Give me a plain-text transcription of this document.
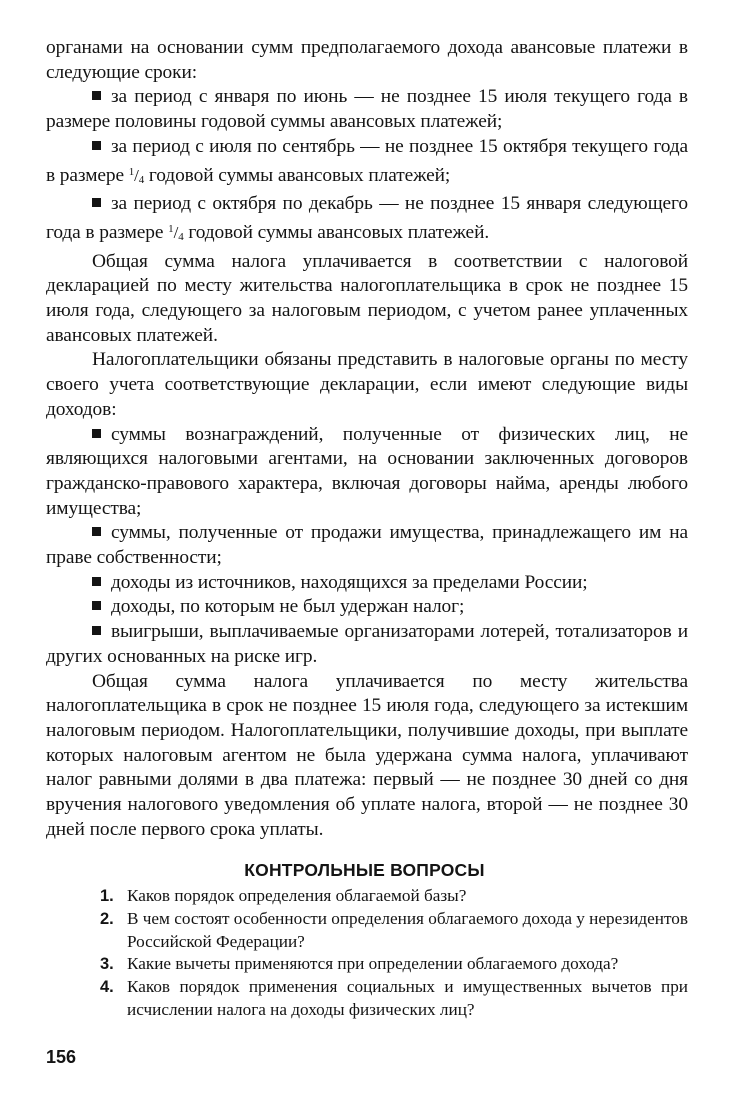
органами на основании сумм предполагаемого дохода авансовые платежи в следующие сроки:

за период с января по июнь — не позднее 15 июля текущего года в размере половины годовой суммы авансовых платежей;

за период с июля по сентябрь — не позднее 15 октября текущего года в размере $^1/_4$ годовой суммы авансовых платежей;

за период с октября по декабрь — не позднее 15 января следующего года в размере $^1/_4$ годовой суммы авансовых платежей.

Общая сумма налога уплачивается в соответствии с налоговой декларацией по месту жительства налогоплательщика в срок не позднее 15 июля года, следующего за налоговым периодом, с учетом ранее уплаченных авансовых платежей.

Налогоплательщики обязаны представить в налоговые органы по месту своего учета соответствующие декларации, если имеют следующие виды доходов:

суммы вознаграждений, полученные от физических лиц, не являющихся налоговыми агентами, на основании заключенных договоров гражданско-правового характера, включая договоры найма, аренды любого имущества;

суммы, полученные от продажи имущества, принадлежащего им на праве собственности;

доходы из источников, находящихся за пределами России;

доходы, по которым не был удержан налог;

выигрыши, выплачиваемые организаторами лотерей, тотализаторов и других основанных на риске игр.

Общая сумма налога уплачивается по месту жительства налогоплательщика в срок не позднее 15 июля года, следующего за истекшим налоговым периодом. Налогоплательщики, получившие доходы, при выплате которых налоговым агентом не была удержана сумма налога, уплачивают налог равными долями в два платежа: первый — не позднее 30 дней со дня вручения налогового уведомления об уплате налога, второй — не позднее 30 дней после первого срока уплаты.

КОНТРОЛЬНЫЕ ВОПРОСЫ
1. Каков порядок определения облагаемой базы?
2. В чем состоят особенности определения облагаемого дохода у нерезидентов Российской Федерации?
3. Какие вычеты применяются при определении облагаемого дохода?
4. Каков порядок применения социальных и имущественных вычетов при исчислении налога на доходы физических лиц?
156
